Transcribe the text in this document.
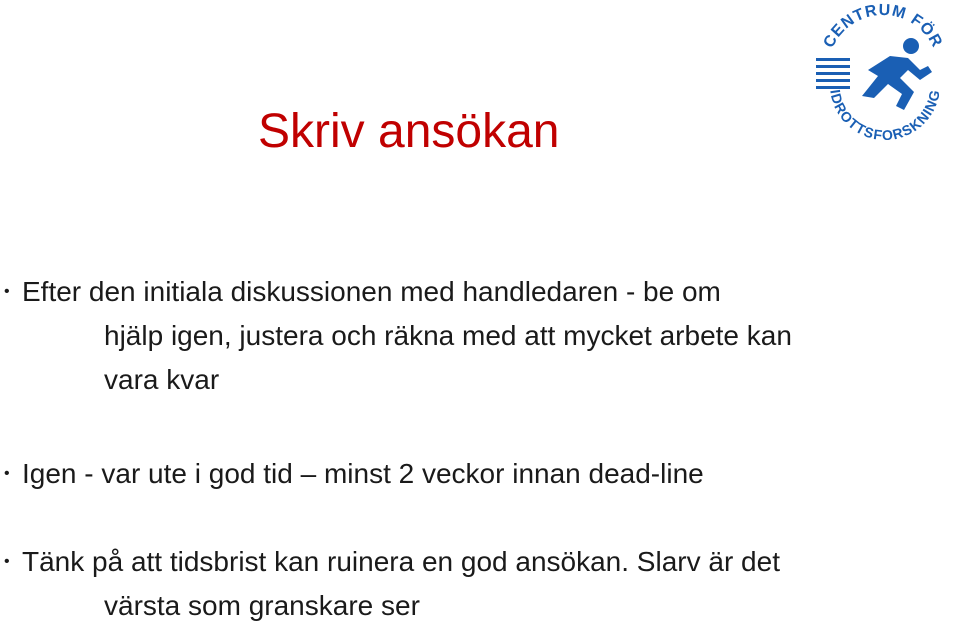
Skriv ansökan
CENTRUM FÖR
IDROTTSFORSKNING
• Efter den initiala diskussionen med handledaren - be om
hjälp igen, justera och räkna med att mycket arbete kan
vara kvar
• Igen - var ute i god tid – minst 2 veckor innan dead-line
• Tänk på att tidsbrist kan ruinera en god ansökan. Slarv är det
värsta som granskare ser
